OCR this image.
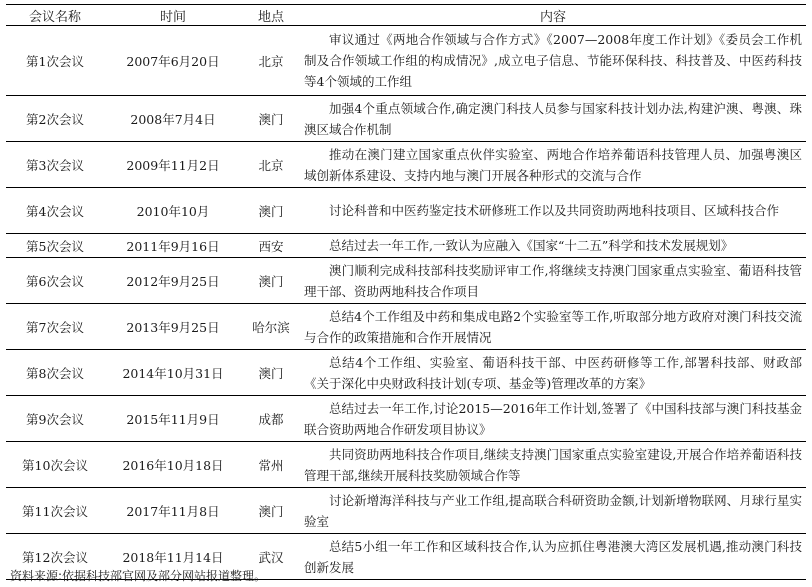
会议名称	时间	地点	内容
第1次会议	2007年6月20日	北京	审议通过《两地合作领域与合作方式》《2007—2008年度工作计划》《委员会工作机制及合作领域工作组的构成情况》,成立电子信息、节能环保科技、科技普及、中医药科技等4个领域的工作组
第2次会议	2008年7月4日	澳门	加强4个重点领域合作,确定澳门科技人员参与国家科技计划办法,构建沪澳、粤澳、珠澳区域合作机制
第3次会议	2009年11月2日	北京	推动在澳门建立国家重点伙伴实验室、两地合作培养葡语科技管理人员、加强粤澳区域创新体系建设、支持内地与澳门开展各种形式的交流与合作
第4次会议	2010年10月	澳门	讨论科普和中医药鉴定技术研修班工作以及共同资助两地科技项目、区域科技合作
第5次会议	2011年9月16日	西安	总结过去一年工作,一致认为应融入《国家“十二五”科学和技术发展规划》
第6次会议	2012年9月25日	澳门	澳门顺利完成科技部科技奖励评审工作,将继续支持澳门国家重点实验室、葡语科技管理干部、资助两地科技合作项目
第7次会议	2013年9月25日	哈尔滨	总结4个工作组及中药和集成电路2个实验室等工作,听取部分地方政府对澳门科技交流与合作的政策措施和合作开展情况
第8次会议	2014年10月31日	澳门	总结4个工作组、实验室、葡语科技干部、中医药研修等工作,部署科技部、财政部《关于深化中央财政科技计划(专项、基金等)管理改革的方案》
第9次会议	2015年11月9日	成都	总结过去一年工作,讨论2015—2016年工作计划,签署了《中国科技部与澳门科技基金联合资助两地合作研发项目协议》
第10次会议	2016年10月18日	常州	共同资助两地科技合作项目,继续支持澳门国家重点实验室建设,开展合作培养葡语科技管理干部,继续开展科技奖励领域合作等
第11次会议	2017年11月8日	澳门	讨论新增海洋科技与产业工作组,提高联合科研资助金额,计划新增物联网、月球行星实验室
第12次会议	2018年11月14日	武汉	总结5小组一年工作和区域科技合作,认为应抓住粤港澳大湾区发展机遇,推动澳门科技创新发展
资料来源:依据科技部官网及部分网站报道整理。
